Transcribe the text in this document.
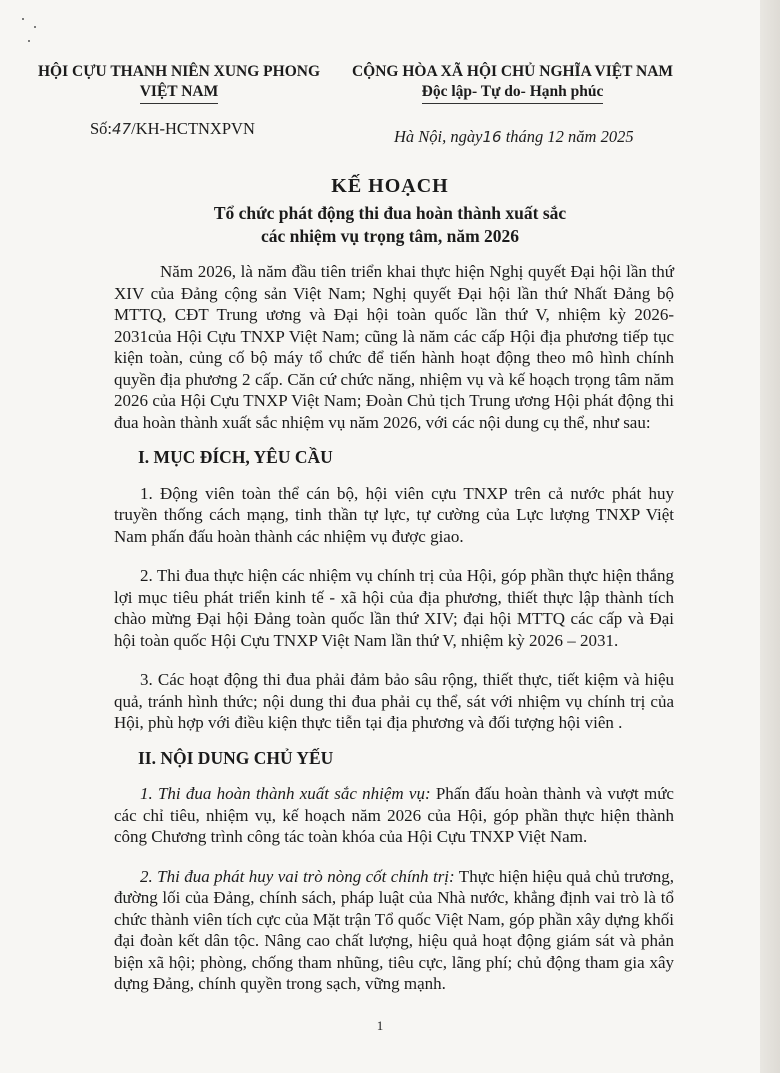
HỘI CỰU THANH NIÊN XUNG PHONG
VIỆT NAM
CỘNG HÒA XÃ HỘI CHỦ NGHĨA VIỆT NAM
Độc lập- Tự do- Hạnh phúc
Số:47/KH-HCTNXPVN	Hà Nội, ngày16 tháng 12 năm 2025
KẾ HOẠCH
Tổ chức phát động thi đua hoàn thành xuất sắc
các nhiệm vụ trọng tâm, năm 2026

Năm 2026, là năm đầu tiên triển khai thực hiện Nghị quyết Đại hội lần thứ XIV của Đảng cộng sản Việt Nam; Nghị quyết Đại hội lần thứ Nhất Đảng bộ MTTQ, CĐT Trung ương và Đại hội toàn quốc lần thứ V, nhiệm kỳ 2026-2031của Hội Cựu TNXP Việt Nam; cũng là năm các cấp Hội địa phương tiếp tục kiện toàn, củng cố bộ máy tổ chức để tiến hành hoạt động theo mô hình chính quyền địa phương 2 cấp. Căn cứ chức năng, nhiệm vụ và kế hoạch trọng tâm năm 2026 của Hội Cựu TNXP Việt Nam; Đoàn Chủ tịch Trung ương Hội phát động thi đua hoàn thành xuất sắc nhiệm vụ năm 2026, với các nội dung cụ thể, như sau:

I. MỤC ĐÍCH, YÊU CẦU

1. Động viên toàn thể cán bộ, hội viên cựu TNXP trên cả nước phát huy truyền thống cách mạng, tinh thần tự lực, tự cường của Lực lượng TNXP Việt Nam phấn đấu hoàn thành các nhiệm vụ được giao.

2. Thi đua thực hiện các nhiệm vụ chính trị của Hội, góp phần thực hiện thắng lợi mục tiêu phát triển kinh tế - xã hội của địa phương, thiết thực lập thành tích chào mừng Đại hội Đảng toàn quốc lần thứ XIV; đại hội MTTQ các cấp và Đại hội toàn quốc Hội Cựu TNXP Việt Nam lần thứ V, nhiệm kỳ 2026 – 2031.

3. Các hoạt động thi đua phải đảm bảo sâu rộng, thiết thực, tiết kiệm và hiệu quả, tránh hình thức; nội dung thi đua phải cụ thể, sát với nhiệm vụ chính trị của Hội, phù hợp với điều kiện thực tiễn tại địa phương và đối tượng hội viên .

II. NỘI DUNG CHỦ YẾU

1. Thi đua hoàn thành xuất sắc nhiệm vụ: Phấn đấu hoàn thành và vượt mức các chỉ tiêu, nhiệm vụ, kế hoạch năm 2026 của Hội, góp phần thực hiện thành công Chương trình công tác toàn khóa của Hội Cựu TNXP Việt Nam.

2. Thi đua phát huy vai trò nòng cốt chính trị: Thực hiện hiệu quả chủ trương, đường lối của Đảng, chính sách, pháp luật của Nhà nước, khẳng định vai trò là tổ chức thành viên tích cực của Mặt trận Tổ quốc Việt Nam, góp phần xây dựng khối đại đoàn kết dân tộc. Nâng cao chất lượng, hiệu quả hoạt động giám sát và phản biện xã hội; phòng, chống tham nhũng, tiêu cực, lãng phí; chủ động tham gia xây dựng Đảng, chính quyền trong sạch, vững mạnh.

1
